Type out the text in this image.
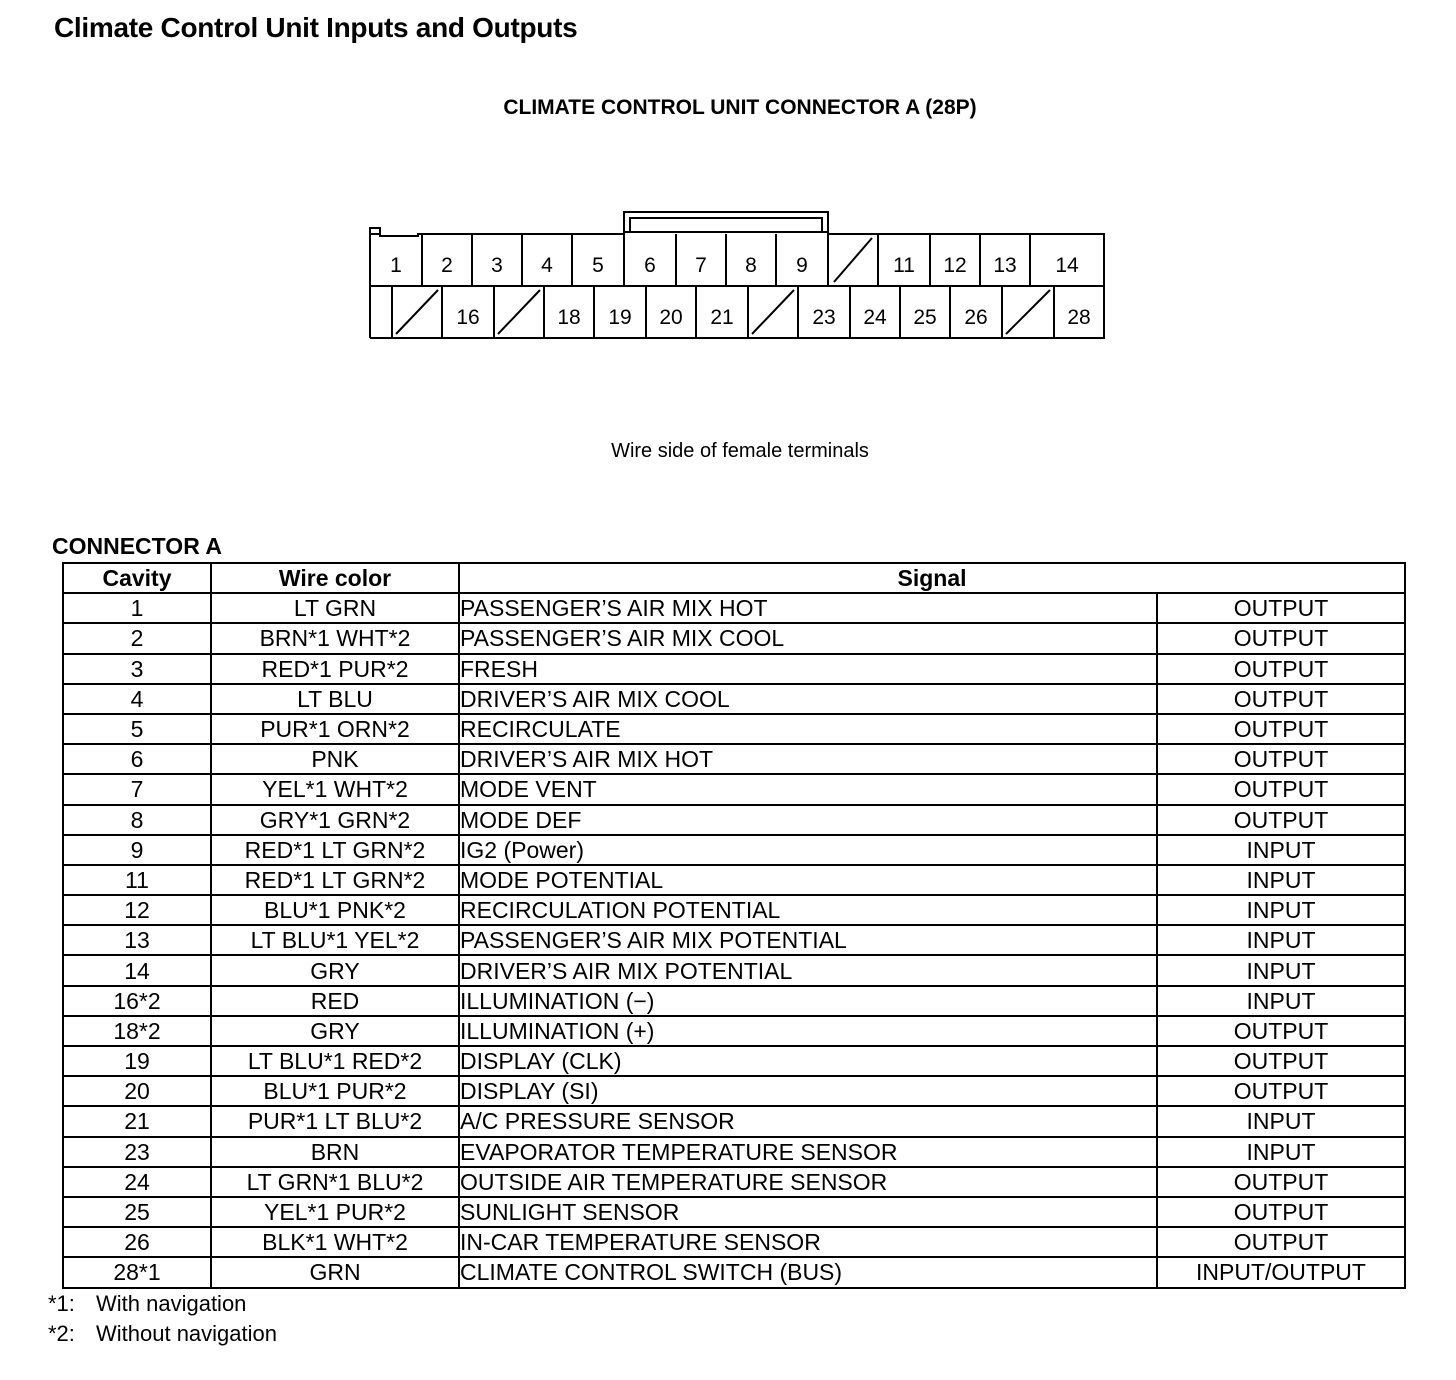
Climate Control Unit Inputs and Outputs
CLIMATE CONTROL UNIT CONNECTOR A (28P)
1 2 3 4 5 6 7 8 9	11 12 13 14
16	18 19 20 21	23 24 25 26	28
Wire side of female terminals
CONNECTOR A
Cavity	Wire color	Signal	
1	LT GRN	PASSENGER’S AIR MIX HOT	OUTPUT
2	BRN*1 WHT*2	PASSENGER’S AIR MIX COOL	OUTPUT
3	RED*1 PUR*2	FRESH	OUTPUT
4	LT BLU	DRIVER’S AIR MIX COOL	OUTPUT
5	PUR*1 ORN*2	RECIRCULATE	OUTPUT
6	PNK	DRIVER’S AIR MIX HOT	OUTPUT
7	YEL*1 WHT*2	MODE VENT	OUTPUT
8	GRY*1 GRN*2	MODE DEF	OUTPUT
9	RED*1 LT GRN*2	IG2 (Power)	INPUT
11	RED*1 LT GRN*2	MODE POTENTIAL	INPUT
12	BLU*1 PNK*2	RECIRCULATION POTENTIAL	INPUT
13	LT BLU*1 YEL*2	PASSENGER’S AIR MIX POTENTIAL	INPUT
14	GRY	DRIVER’S AIR MIX POTENTIAL	INPUT
16*2	RED	ILLUMINATION (−)	INPUT
18*2	GRY	ILLUMINATION (+)	OUTPUT
19	LT BLU*1 RED*2	DISPLAY (CLK)	OUTPUT
20	BLU*1 PUR*2	DISPLAY (SI)	OUTPUT
21	PUR*1 LT BLU*2	A/C PRESSURE SENSOR	INPUT
23	BRN	EVAPORATOR TEMPERATURE SENSOR	INPUT
24	LT GRN*1 BLU*2	OUTSIDE AIR TEMPERATURE SENSOR	OUTPUT
25	YEL*1 PUR*2	SUNLIGHT SENSOR	OUTPUT
26	BLK*1 WHT*2	IN-CAR TEMPERATURE SENSOR	OUTPUT
28*1	GRN	CLIMATE CONTROL SWITCH (BUS)	INPUT/OUTPUT
*1: With navigation
*2: Without navigation
